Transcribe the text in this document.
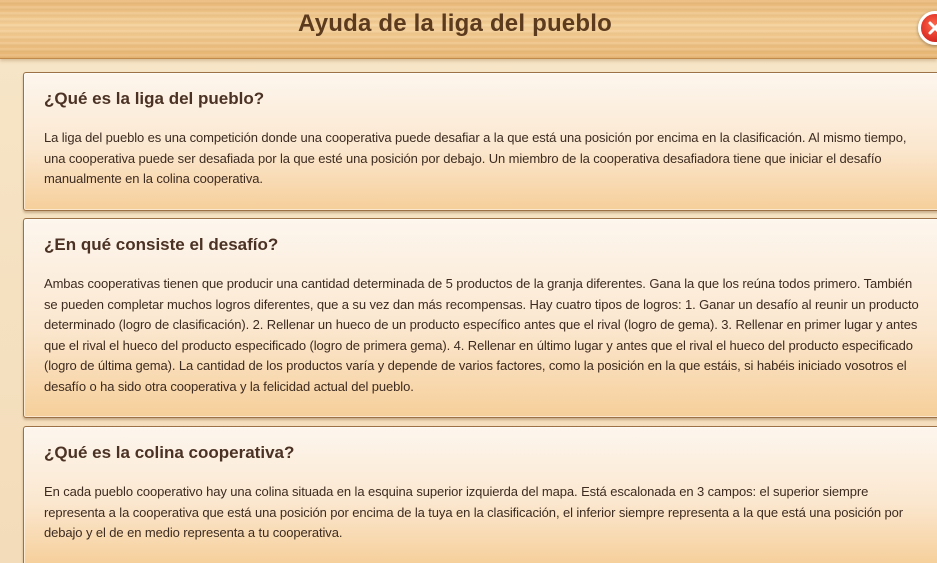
Ayuda de la liga del pueblo
¿Qué es la liga del pueblo?

La liga del pueblo es una competición donde una cooperativa puede desafiar a la que está una posición por encima en la clasificación. Al mismo tiempo, una cooperativa puede ser desafiada por la que esté una posición por debajo. Un miembro de la cooperativa desafiadora tiene que iniciar el desafío manualmente en la colina cooperativa.

¿En qué consiste el desafío?

Ambas cooperativas tienen que producir una cantidad determinada de 5 productos de la granja diferentes. Gana la que los reúna todos primero. También se pueden completar muchos logros diferentes, que a su vez dan más recompensas. Hay cuatro tipos de logros: 1. Ganar un desafío al reunir un producto determinado (logro de clasificación). 2. Rellenar un hueco de un producto específico antes que el rival (logro de gema). 3. Rellenar en primer lugar y antes que el rival el hueco del producto especificado (logro de primera gema). 4. Rellenar en último lugar y antes que el rival el hueco del producto especificado (logro de última gema). La cantidad de los productos varía y depende de varios factores, como la posición en la que estáis, si habéis iniciado vosotros el desafío o ha sido otra cooperativa y la felicidad actual del pueblo.

¿Qué es la colina cooperativa?

En cada pueblo cooperativo hay una colina situada en la esquina superior izquierda del mapa. Está escalonada en 3 campos: el superior siempre representa a la cooperativa que está una posición por encima de la tuya en la clasificación, el inferior siempre representa a la que está una posición por debajo y el de en medio representa a tu cooperativa.
